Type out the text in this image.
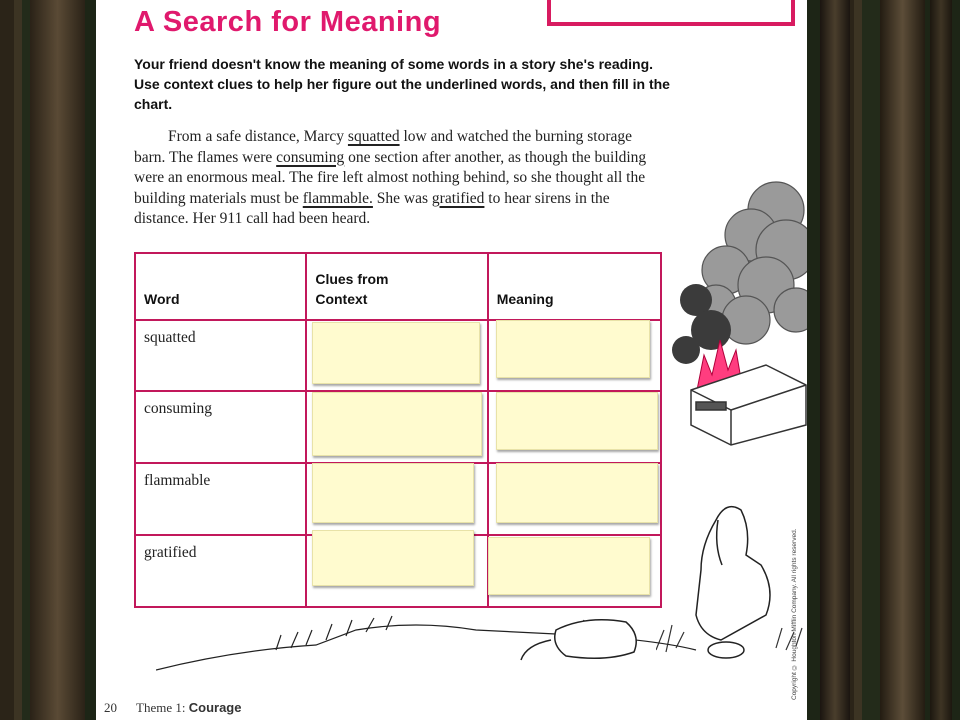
A Search for Meaning
Your friend doesn't know the meaning of some words in a story she's reading. Use context clues to help her figure out the underlined words, and then fill in the chart.
From a safe distance, Marcy squatted low and watched the burning storage barn. The flames were consuming one section after another, as though the building were an enormous meal. The fire left almost nothing behind, so she thought all the building materials must be flammable. She was gratified to hear sirens in the distance. Her 911 call had been heard.
Word	Clues from Context	Meaning

squatted		

consuming		

flammable		

gratified		
			Copyright © Houghton Mifflin Company. All rights reserved.
20 Theme 1: Courage
